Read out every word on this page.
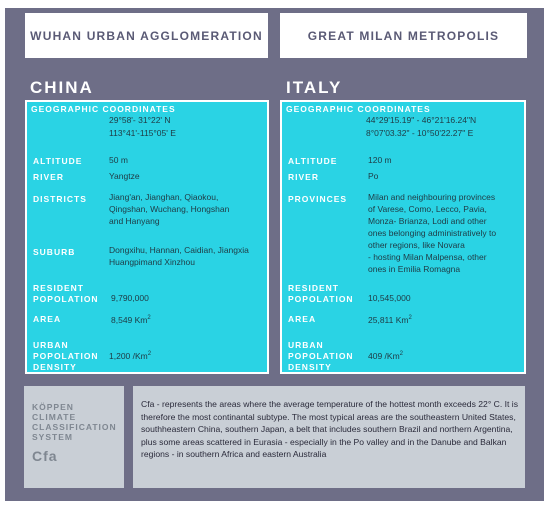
WUHAN URBAN AGGLOMERATION	GREAT MILAN METROPOLIS
CHINA	ITALY
GEOGRAPHIC COORDINATES
29°58'- 31°22' N
113°41'-115°05' E
ALTITUDE	50 m
RIVER	Yangtze
DISTRICTS	Jiang'an, Jianghan, Qiaokou,
Qingshan, Wuchang, Hongshan
and Hanyang
SUBURB	Dongxihu, Hannan, Caidian, Jiangxia
Huangpimand Xinzhou
RESIDENT
POPOLATION 9,790,000
AREA	8,549 Km$^2$
URBAN
POPOLATION
DENSITY
1,200 /Km$^2$
GEOGRAPHIC COORDINATES
44°29'15.19" - 46°21'16.24"N
8°07'03.32" - 10°50'22.27" E
ALTITUDE	120 m
RIVER	Po
PROVINCES Milan and neighbouring provinces
of Varese, Como, Lecco, Pavia,
Monza- Brianza, Lodi and other
ones belonging administratively to
other regions, like Novara
- hosting Milan Malpensa, other
ones in Emilia Romagna
RESIDENT
POPOLATION 10,545,000
AREA	25,811 Km$^2$
URBAN
POPOLATION
DENSITY
409 /Km$^2$
KÖPPEN
CLIMATE
CLASSIFICATION
SYSTEM
Cfa
Cfa - represents the areas where the average temperature of the hottest month exceeds 22° C. It is therefore the most continantal subtype. The most typical areas are the southeastern United States, southheastern China, southern Japan, a belt that includes southern Brazil and northern Argentina, plus some areas scattered in Eurasia - especially in the Po valley and in the Danube and Balkan regions - in southern Africa and eastern Australia
